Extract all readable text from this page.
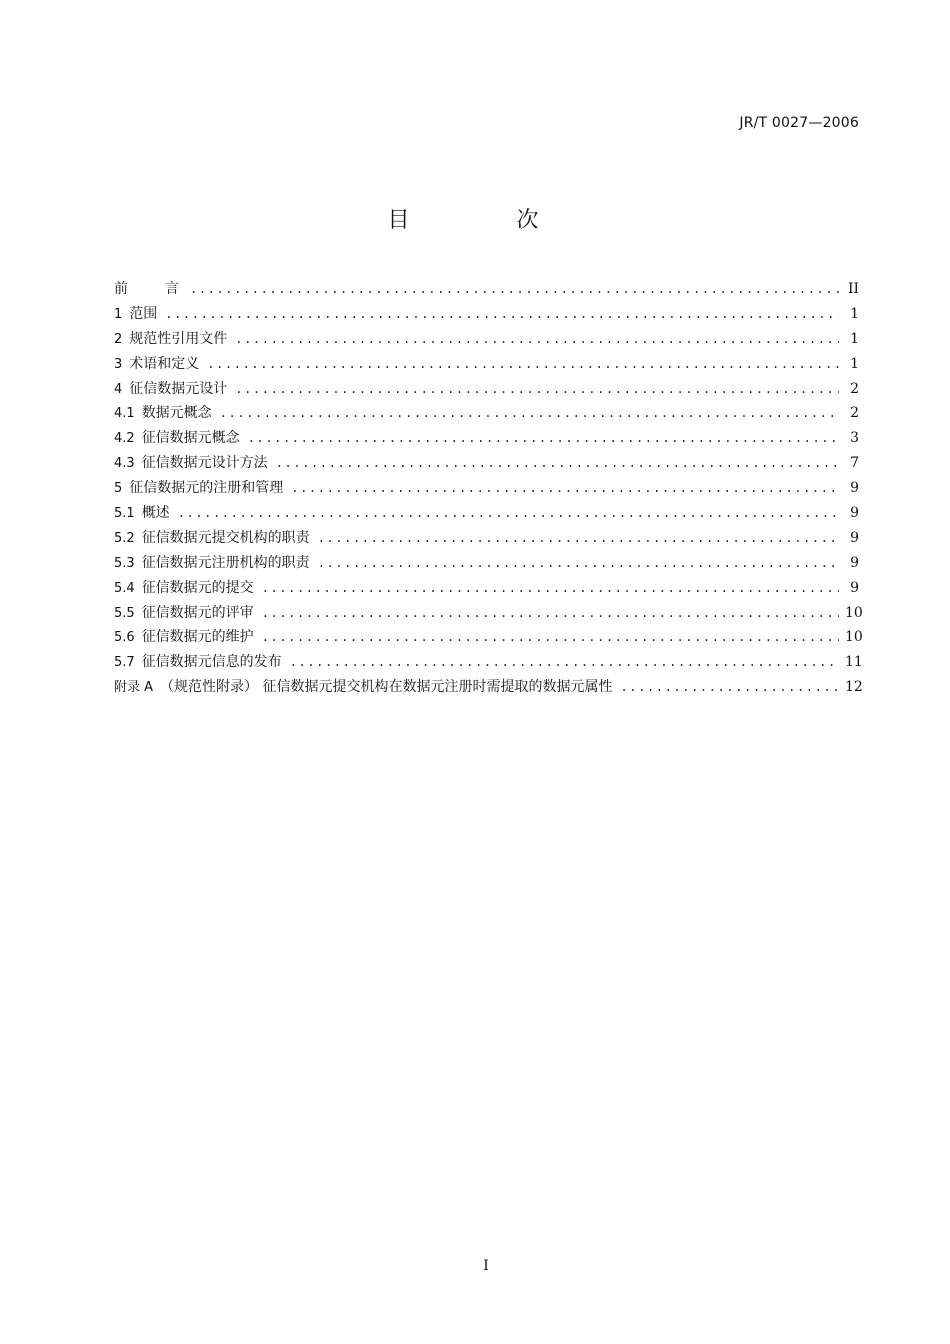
JR/T 0027—2006
目 次
前　　言 .....	II
1 范围 .....	1
2 规范性引用文件 .....	1
3 术语和定义 .....	1
4 征信数据元设计 .....	2
4.1 数据元概念 .....	2
4.2 征信数据元概念 .....	3
4.3 征信数据元设计方法 .....	7
5 征信数据元的注册和管理 .....	9
5.1 概述 .....	9
5.2 征信数据元提交机构的职责 .....	9
5.3 征信数据元注册机构的职责 .....	9
5.4 征信数据元的提交 .....	9
5.5 征信数据元的评审 .....	10
5.6 征信数据元的维护 .....	10
5.7 征信数据元信息的发布 .....	11
附录 A （规范性附录） 征信数据元提交机构在数据元注册时需提取的数据元属性 .....	12
I
